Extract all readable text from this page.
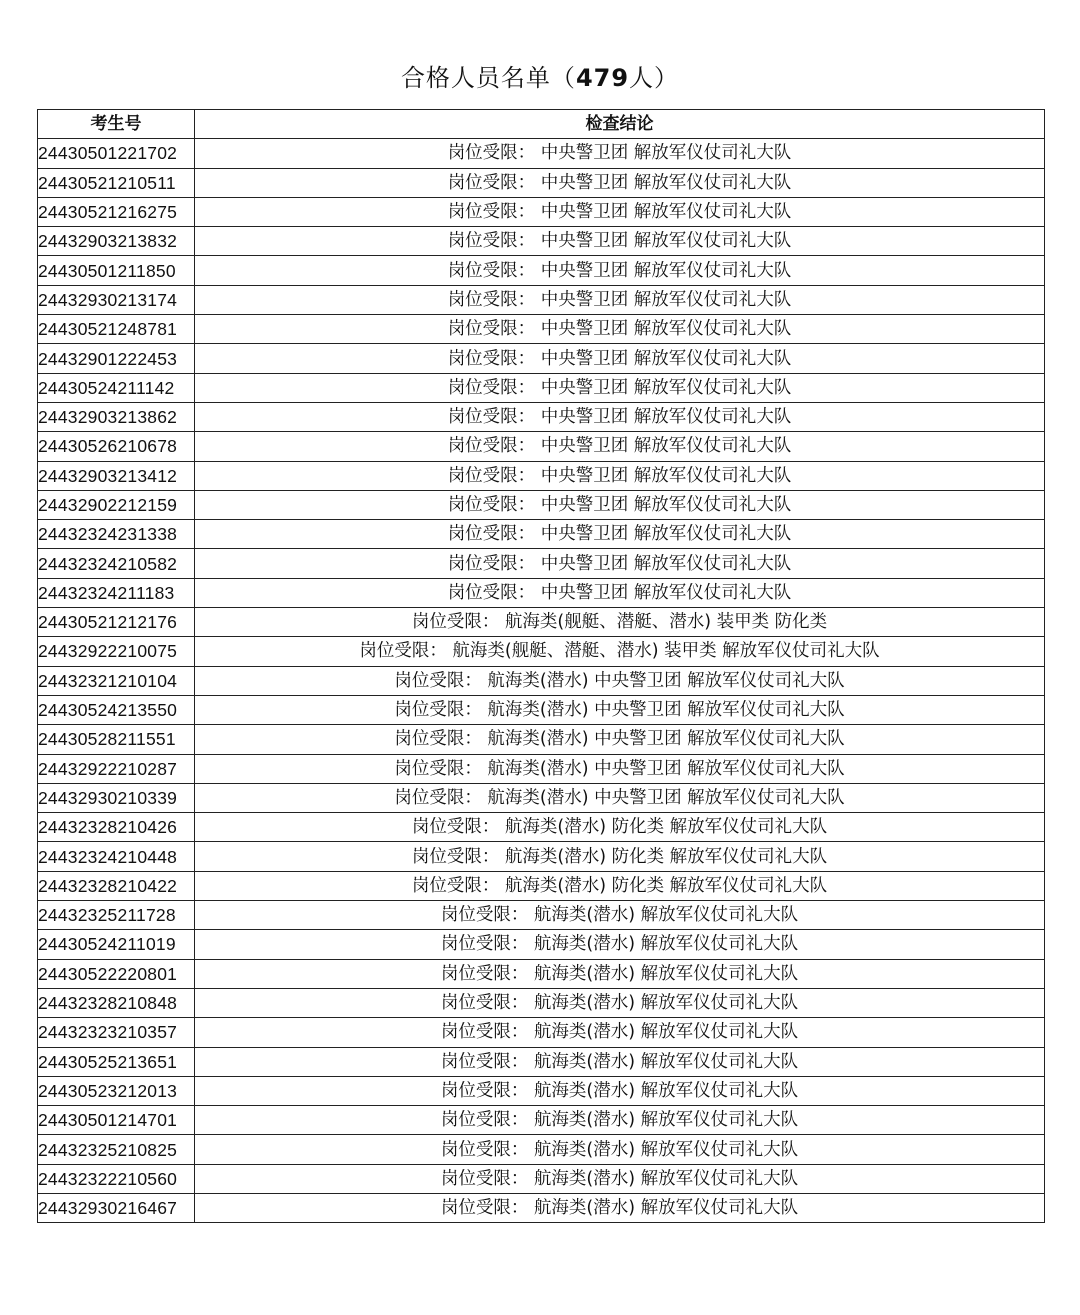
合格人员名单（479人）
考生号	检查结论
24430501221702	岗位受限： 中央警卫团 解放军仪仗司礼大队
24430521210511	岗位受限： 中央警卫团 解放军仪仗司礼大队
24430521216275	岗位受限： 中央警卫团 解放军仪仗司礼大队
24432903213832	岗位受限： 中央警卫团 解放军仪仗司礼大队
24430501211850	岗位受限： 中央警卫团 解放军仪仗司礼大队
24432930213174	岗位受限： 中央警卫团 解放军仪仗司礼大队
24430521248781	岗位受限： 中央警卫团 解放军仪仗司礼大队
24432901222453	岗位受限： 中央警卫团 解放军仪仗司礼大队
24430524211142	岗位受限： 中央警卫团 解放军仪仗司礼大队
24432903213862	岗位受限： 中央警卫团 解放军仪仗司礼大队
24430526210678	岗位受限： 中央警卫团 解放军仪仗司礼大队
24432903213412	岗位受限： 中央警卫团 解放军仪仗司礼大队
24432902212159	岗位受限： 中央警卫团 解放军仪仗司礼大队
24432324231338	岗位受限： 中央警卫团 解放军仪仗司礼大队
24432324210582	岗位受限： 中央警卫团 解放军仪仗司礼大队
24432324211183	岗位受限： 中央警卫团 解放军仪仗司礼大队
24430521212176	岗位受限： 航海类(舰艇、潜艇、潜水) 装甲类 防化类
24432922210075	岗位受限： 航海类(舰艇、潜艇、潜水) 装甲类 解放军仪仗司礼大队
24432321210104	岗位受限： 航海类(潜水) 中央警卫团 解放军仪仗司礼大队
24430524213550	岗位受限： 航海类(潜水) 中央警卫团 解放军仪仗司礼大队
24430528211551	岗位受限： 航海类(潜水) 中央警卫团 解放军仪仗司礼大队
24432922210287	岗位受限： 航海类(潜水) 中央警卫团 解放军仪仗司礼大队
24432930210339	岗位受限： 航海类(潜水) 中央警卫团 解放军仪仗司礼大队
24432328210426	岗位受限： 航海类(潜水) 防化类 解放军仪仗司礼大队
24432324210448	岗位受限： 航海类(潜水) 防化类 解放军仪仗司礼大队
24432328210422	岗位受限： 航海类(潜水) 防化类 解放军仪仗司礼大队
24432325211728	岗位受限： 航海类(潜水) 解放军仪仗司礼大队
24430524211019	岗位受限： 航海类(潜水) 解放军仪仗司礼大队
24430522220801	岗位受限： 航海类(潜水) 解放军仪仗司礼大队
24432328210848	岗位受限： 航海类(潜水) 解放军仪仗司礼大队
24432323210357	岗位受限： 航海类(潜水) 解放军仪仗司礼大队
24430525213651	岗位受限： 航海类(潜水) 解放军仪仗司礼大队
24430523212013	岗位受限： 航海类(潜水) 解放军仪仗司礼大队
24430501214701	岗位受限： 航海类(潜水) 解放军仪仗司礼大队
24432325210825	岗位受限： 航海类(潜水) 解放军仪仗司礼大队
24432322210560	岗位受限： 航海类(潜水) 解放军仪仗司礼大队
24432930216467	岗位受限： 航海类(潜水) 解放军仪仗司礼大队
